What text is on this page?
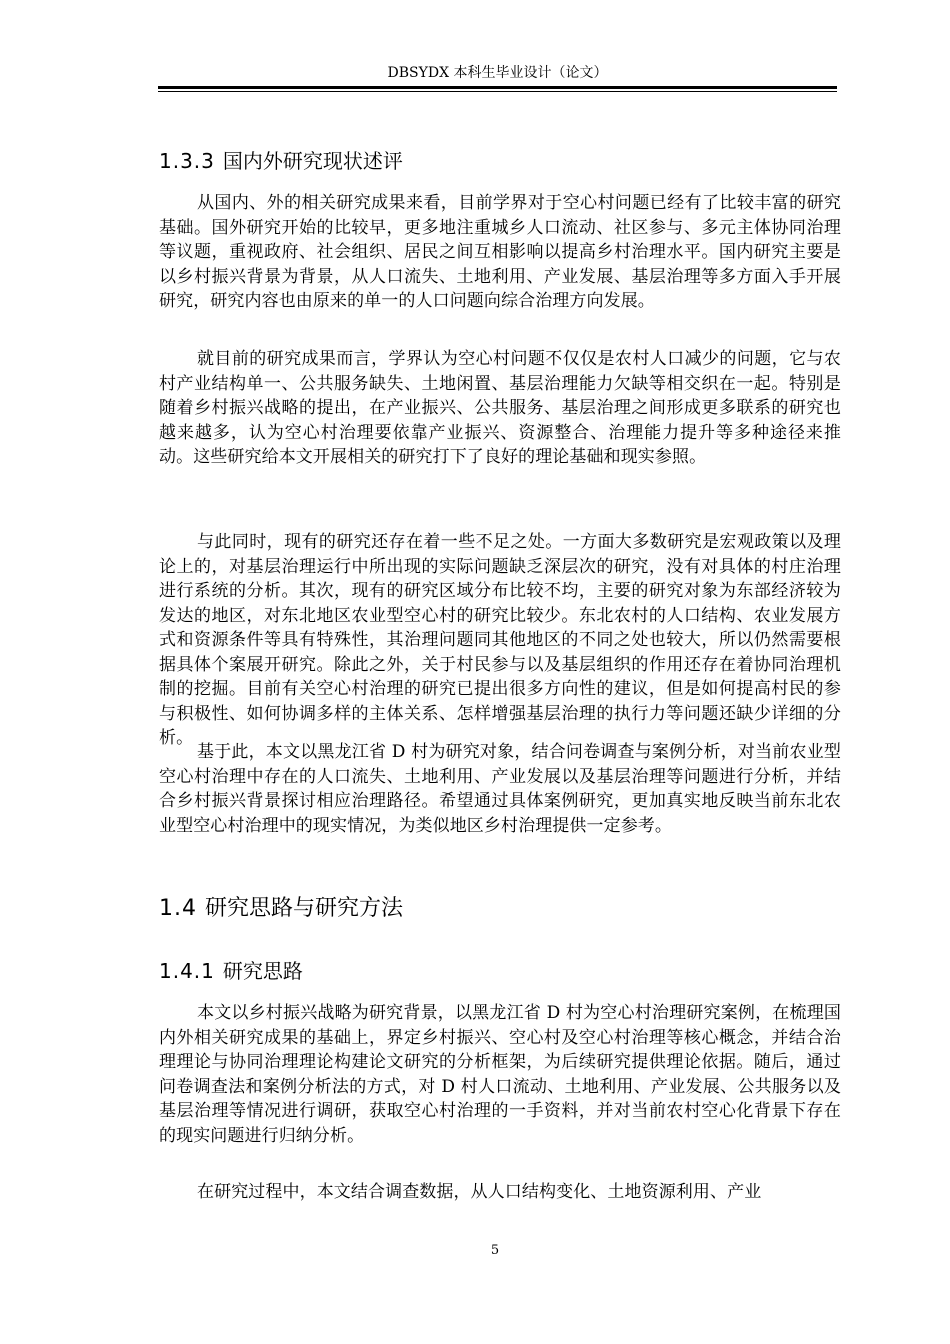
DBSYDX 本科生毕业设计（论文）
1.3.3 国内外研究现状述评

从国内、外的相关研究成果来看，目前学界对于空心村问题已经有了比较丰富的研究基础。国外研究开始的比较早，更多地注重城乡人口流动、社区参与、多元主体协同治理等议题，重视政府、社会组织、居民之间互相影响以提高乡村治理水平。国内研究主要是以乡村振兴背景为背景，从人口流失、土地利用、产业发展、基层治理等多方面入手开展研究，研究内容也由原来的单一的人口问题向综合治理方向发展。

就目前的研究成果而言，学界认为空心村问题不仅仅是农村人口减少的问题，它与农村产业结构单一、公共服务缺失、土地闲置、基层治理能力欠缺等相交织在一起。特别是随着乡村振兴战略的提出，在产业振兴、公共服务、基层治理之间形成更多联系的研究也越来越多，认为空心村治理要依靠产业振兴、资源整合、治理能力提升等多种途径来推动。这些研究给本文开展相关的研究打下了良好的理论基础和现实参照。

与此同时，现有的研究还存在着一些不足之处。一方面大多数研究是宏观政策以及理论上的，对基层治理运行中所出现的实际问题缺乏深层次的研究，没有对具体的村庄治理进行系统的分析。其次，现有的研究区域分布比较不均，主要的研究对象为东部经济较为发达的地区，对东北地区农业型空心村的研究比较少。东北农村的人口结构、农业发展方式和资源条件等具有特殊性，其治理问题同其他地区的不同之处也较大，所以仍然需要根据具体个案展开研究。除此之外，关于村民参与以及基层组织的作用还存在着协同治理机制的挖掘。目前有关空心村治理的研究已提出很多方向性的建议，但是如何提高村民的参与积极性、如何协调多样的主体关系、怎样增强基层治理的执行力等问题还缺少详细的分析。

基于此，本文以黑龙江省 D 村为研究对象，结合问卷调查与案例分析，对当前农业型空心村治理中存在的人口流失、土地利用、产业发展以及基层治理等问题进行分析，并结合乡村振兴背景探讨相应治理路径。希望通过具体案例研究，更加真实地反映当前东北农业型空心村治理中的现实情况，为类似地区乡村治理提供一定参考。

1.4 研究思路与研究方法
1.4.1 研究思路

本文以乡村振兴战略为研究背景，以黑龙江省 D 村为空心村治理研究案例，在梳理国内外相关研究成果的基础上，界定乡村振兴、空心村及空心村治理等核心概念，并结合治理理论与协同治理理论构建论文研究的分析框架，为后续研究提供理论依据。随后，通过问卷调查法和案例分析法的方式，对 D 村人口流动、土地利用、产业发展、公共服务以及基层治理等情况进行调研，获取空心村治理的一手资料，并对当前农村空心化背景下存在的现实问题进行归纳分析。

在研究过程中，本文结合调查数据，从人口结构变化、土地资源利用、产业

5
